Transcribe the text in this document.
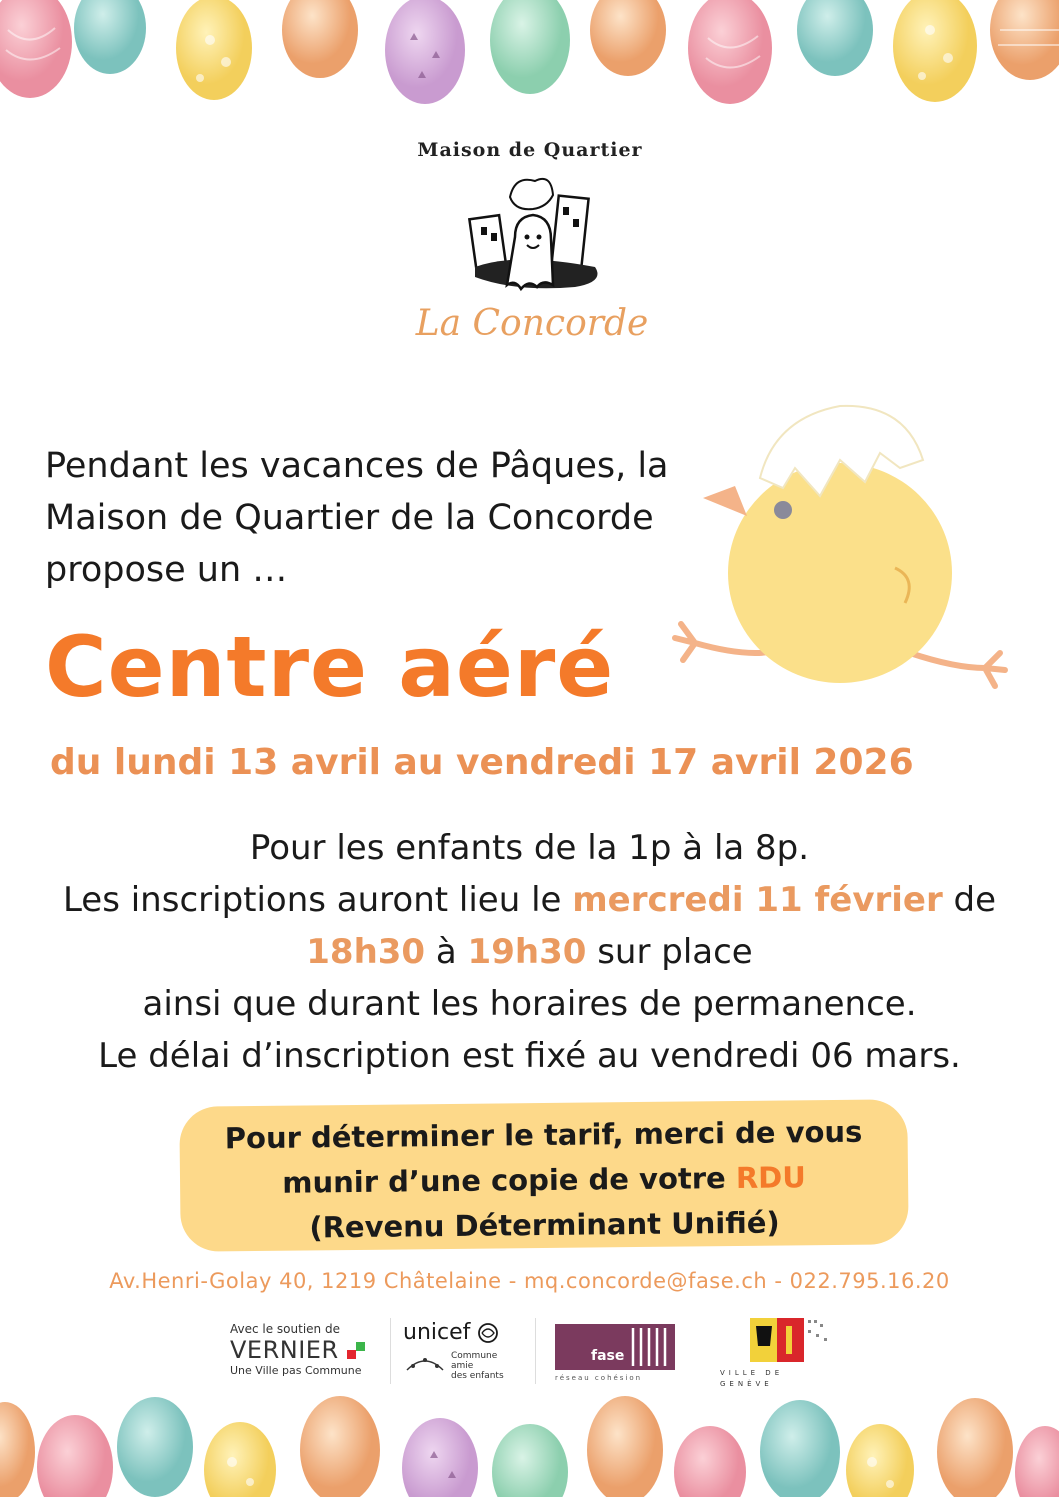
Maison de Quartier
La Concorde
Pendant les vacances de Pâques, la
Maison de Quartier de la Concorde
propose un …
Centre aéré
du lundi 13 avril au vendredi 17 avril 2026
Pour les enfants de la 1p à la 8p.
Les inscriptions auront lieu le mercredi 11 février de
18h30 à 19h30 sur place
ainsi que durant les horaires de permanence.
Le délai d’inscription est fixé au vendredi 06 mars.
Pour déterminer le tarif, merci de vous
munir d’une copie de votre RDU
(Revenu Déterminant Unifié)
Av.Henri-Golay 40, 1219 Châtelaine - mq.concorde@fase.ch - 022.795.16.20
Avec le soutien de
VERNIER
Une Ville pas Commune
unicef
Commune
amie
des enfants
fase
réseau cohésion
VILLE DE
GENÈVE
